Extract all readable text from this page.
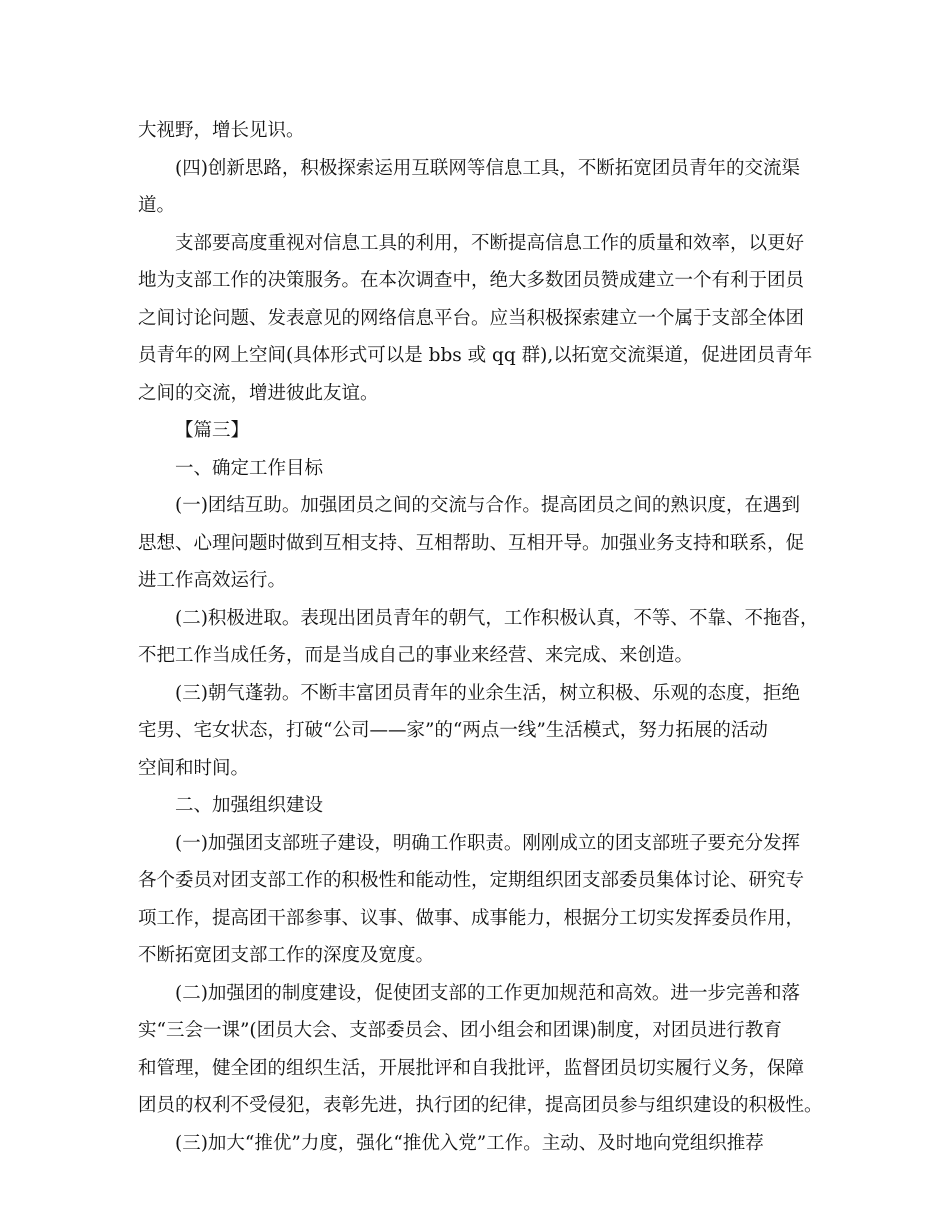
大视野，增长见识。
(四)创新思路，积极探索运用互联网等信息工具，不断拓宽团员青年的交流渠
道。
支部要高度重视对信息工具的利用，不断提高信息工作的质量和效率，以更好
地为支部工作的决策服务。在本次调查中，绝大多数团员赞成建立一个有利于团员
之间讨论问题、发表意见的网络信息平台。应当积极探索建立一个属于支部全体团
员青年的网上空间(具体形式可以是 bbs 或 qq 群),以拓宽交流渠道，促进团员青年
之间的交流，增进彼此友谊。
【篇三】
一、确定工作目标
(一)团结互助。加强团员之间的交流与合作。提高团员之间的熟识度，在遇到
思想、心理问题时做到互相支持、互相帮助、互相开导。加强业务支持和联系，促
进工作高效运行。
(二)积极进取。表现出团员青年的朝气，工作积极认真，不等、不靠、不拖沓，
不把工作当成任务，而是当成自己的事业来经营、来完成、来创造。
(三)朝气蓬勃。不断丰富团员青年的业余生活，树立积极、乐观的态度，拒绝
宅男、宅女状态，打破“公司——家”的“两点一线”生活模式，努力拓展的活动
空间和时间。
二、加强组织建设
(一)加强团支部班子建设，明确工作职责。刚刚成立的团支部班子要充分发挥
各个委员对团支部工作的积极性和能动性，定期组织团支部委员集体讨论、研究专
项工作，提高团干部参事、议事、做事、成事能力，根据分工切实发挥委员作用，
不断拓宽团支部工作的深度及宽度。
(二)加强团的制度建设，促使团支部的工作更加规范和高效。进一步完善和落
实“三会一课”(团员大会、支部委员会、团小组会和团课)制度，对团员进行教育
和管理，健全团的组织生活，开展批评和自我批评，监督团员切实履行义务，保障
团员的权利不受侵犯，表彰先进，执行团的纪律，提高团员参与组织建设的积极性。
(三)加大“推优”力度，强化“推优入党”工作。主动、及时地向党组织推荐
